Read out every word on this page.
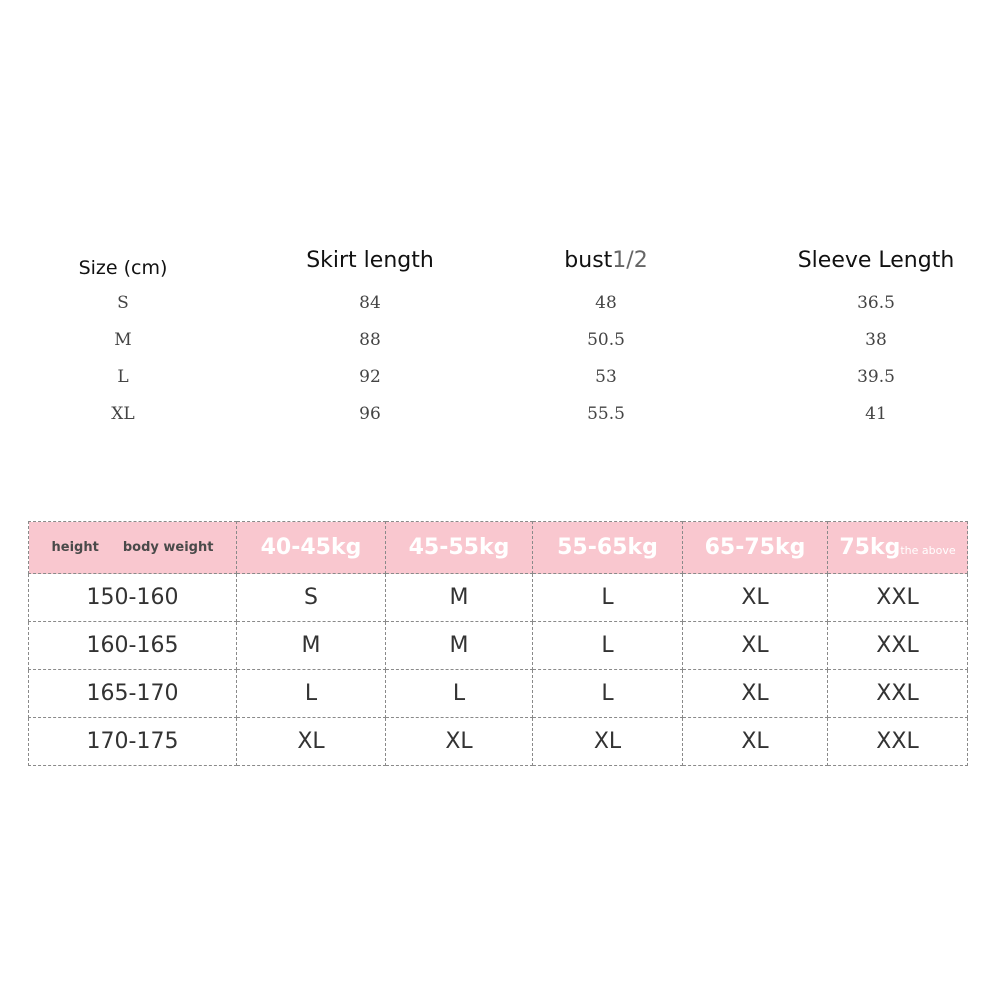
Size (cm)	Skirt length	bust1/2	Sleeve Length
S	84	48	36.5
M	88	50.5	38
L	92	53	39.5
XL	96	55.5	41
height body weight	40-45kg	45-55kg	55-65kg	65-75kg	75kgthe above
150-160	S	M	L	XL	XXL
160-165	M	M	L	XL	XXL
165-170	L	L	L	XL	XXL
170-175	XL	XL	XL	XL	XXL
